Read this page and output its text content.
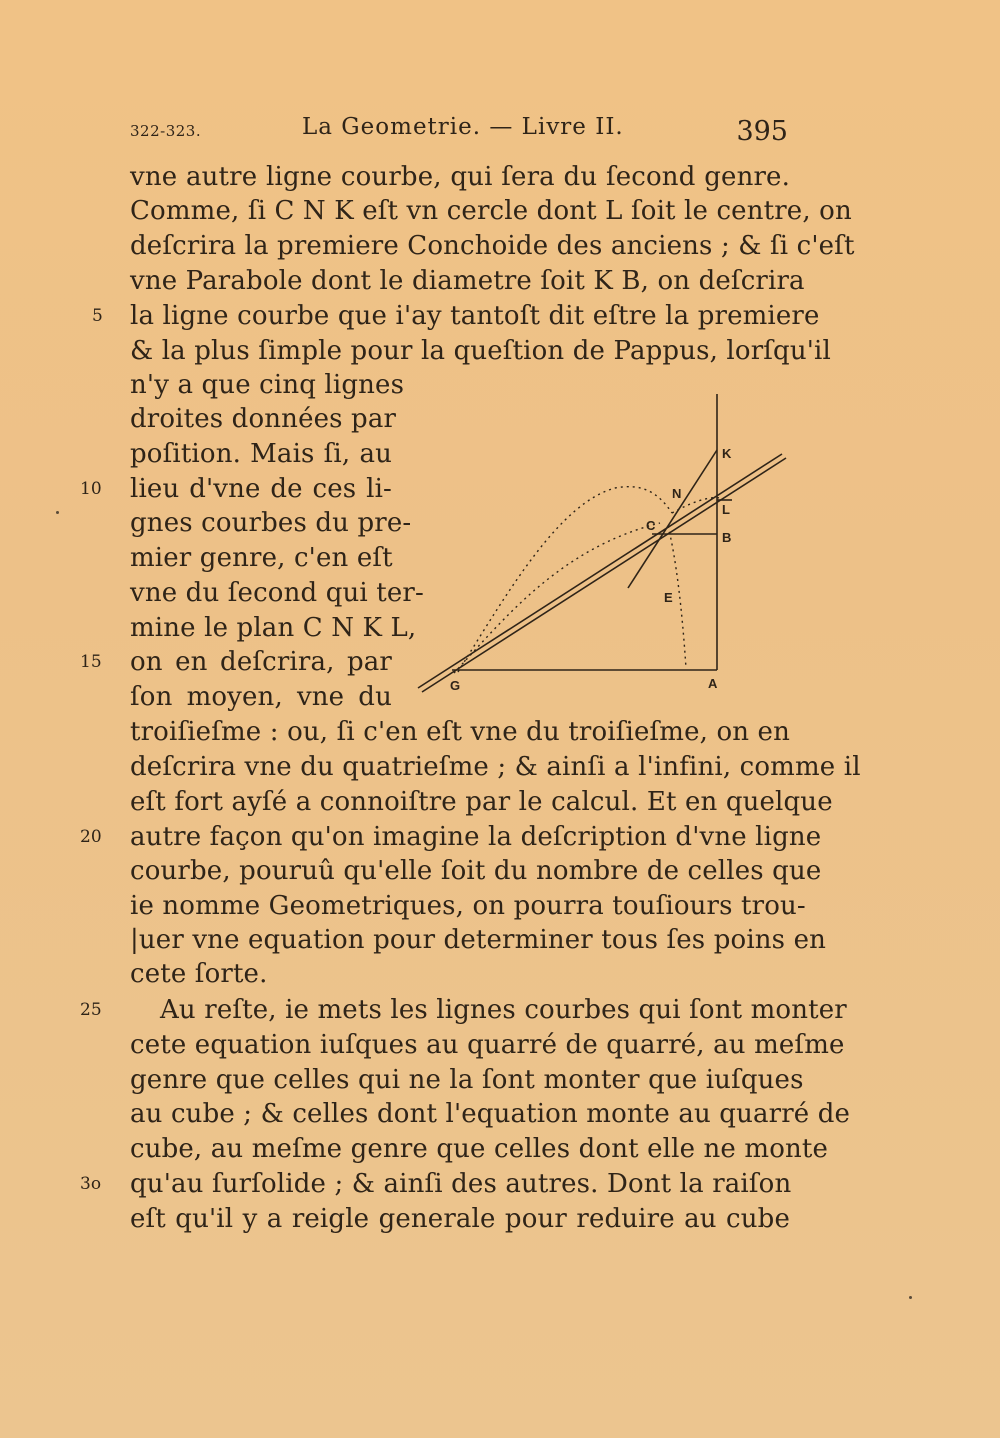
322-323.	La Geometrie. — Livre II.	395
vne autre ligne courbe, qui ſera du ſecond genre.
Comme, ſi C N K eſt vn cercle dont L ſoit le centre, on
deſcrira la premiere Conchoide des anciens ; & ſi c'eſt
vne Parabole dont le diametre ſoit K B, on deſcrira
la ligne courbe que i'ay tantoſt dit eſtre la premiere
& la plus ſimple pour la queſtion de Pappus, lorſqu'il
n'y a que cinq lignes
droites données par
poſition. Mais ſi, au
lieu d'vne de ces li-
gnes courbes du pre-
mier genre, c'en eſt
vne du ſecond qui ter-
mine le plan C N K L,
on en deſcrira, par
ſon moyen, vne du
troiſieſme : ou, ſi c'en eſt vne du troiſieſme, on en
deſcrira vne du quatrieſme ; & ainſi a l'infini, comme il
eſt fort ayſé a connoiſtre par le calcul. Et en quelque
autre façon qu'on imagine la deſcription d'vne ligne
courbe, pouruû qu'elle ſoit du nombre de celles que
ie nomme Geometriques, on pourra touſiours trou-
|uer vne equation pour determiner tous ſes poins en
cete ſorte.
Au reſte, ie mets les lignes courbes qui ſont monter
cete equation iuſques au quarré de quarré, au meſme
genre que celles qui ne la ſont monter que iuſques
au cube ; & celles dont l'equation monte au quarré de
cube, au meſme genre que celles dont elle ne monte
qu'au ſurſolide ; & ainſi des autres. Dont la raiſon
eſt qu'il y a reigle generale pour reduire au cube
5
10
15
20
25
3o
K
N
L
C
B
E
G	A
